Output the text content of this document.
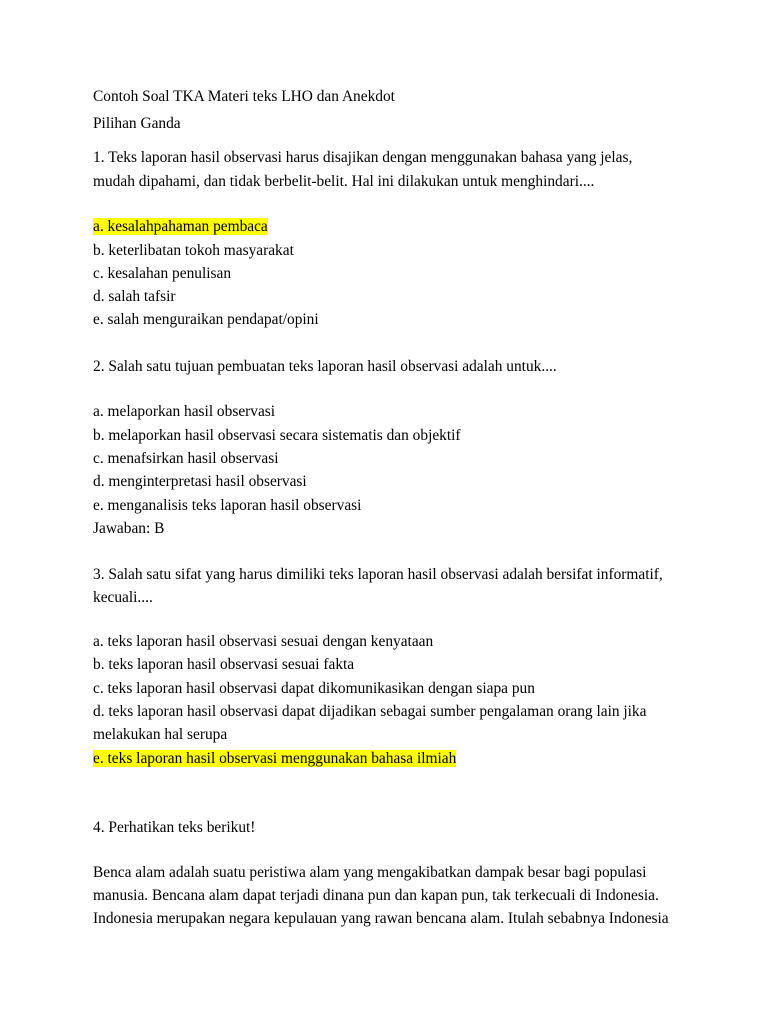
Contoh Soal TKA Materi teks LHO dan Anekdot
Pilihan Ganda
1. Teks laporan hasil observasi harus disajikan dengan menggunakan bahasa yang jelas,
mudah dipahami, dan tidak berbelit-belit. Hal ini dilakukan untuk menghindari....
a. kesalahpahaman pembaca
b. keterlibatan tokoh masyarakat
c. kesalahan penulisan
d. salah tafsir
e. salah menguraikan pendapat/opini
2. Salah satu tujuan pembuatan teks laporan hasil observasi adalah untuk....
a. melaporkan hasil observasi
b. melaporkan hasil observasi secara sistematis dan objektif
c. menafsirkan hasil observasi
d. menginterpretasi hasil observasi
e. menganalisis teks laporan hasil observasi
Jawaban: B
3. Salah satu sifat yang harus dimiliki teks laporan hasil observasi adalah bersifat informatif,
kecuali....
a. teks laporan hasil observasi sesuai dengan kenyataan
b. teks laporan hasil observasi sesuai fakta
c. teks laporan hasil observasi dapat dikomunikasikan dengan siapa pun
d. teks laporan hasil observasi dapat dijadikan sebagai sumber pengalaman orang lain jika
melakukan hal serupa
e. teks laporan hasil observasi menggunakan bahasa ilmiah
4. Perhatikan teks berikut!
Benca alam adalah suatu peristiwa alam yang mengakibatkan dampak besar bagi populasi
manusia. Bencana alam dapat terjadi dinana pun dan kapan pun, tak terkecuali di Indonesia.
Indonesia merupakan negara kepulauan yang rawan bencana alam. Itulah sebabnya Indonesia
